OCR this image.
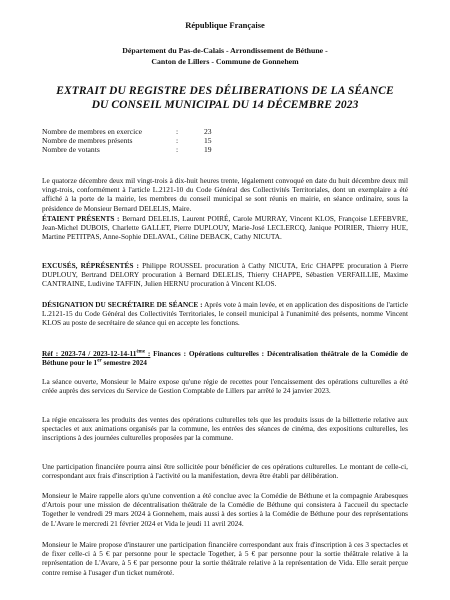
République Française
Département du Pas-de-Calais - Arrondissement de Béthune -
Canton de Lillers - Commune de Gonnehem
EXTRAIT DU REGISTRE DES DÉLIBERATIONS DE LA SÉANCE
DU CONSEIL MUNICIPAL DU 14 DÉCEMBRE 2023
Nombre de membres en exercice	:	23
Nombre de membres présents	:	15
Nombre de votants	:	19
Le quatorze décembre deux mil vingt-trois à dix-huit heures trente, légalement convoqué en date du huit décembre deux mil vingt-trois, conformément à l'article L.2121-10 du Code Général des Collectivités Territoriales, dont un exemplaire a été affiché à la porte de la mairie, les membres du conseil municipal se sont réunis en mairie, en séance ordinaire, sous la présidence de Monsieur Bernard DELELIS, Maire.
ÉTAIENT PRÉSENTS : Bernard DELELIS, Laurent POIRÉ, Carole MURRAY, Vincent KLOS, Françoise LEFEBVRE, Jean-Michel DUBOIS, Charlette GALLET, Pierre DUPLOUY, Marie-José LECLERCQ, Janique POIRIER, Thierry HUE, Martine PETITPAS, Anne-Sophie DELAVAL, Céline DEBACK, Cathy NICUTA.
EXCUSÉS, RÉPRÉSENTÉS : Philippe ROUSSEL procuration à Cathy NICUTA, Eric CHAPPE procuration à Pierre DUPLOUY, Bertrand DELORY procuration à Bernard DELELIS, Thierry CHAPPE, Sébastien VERFAILLIE, Maxime CANTRAINE, Ludivine TAFFIN, Julien HERNU procuration à Vincent KLOS.
DÉSIGNATION DU SECRÉTAIRE DE SÉANCE : Après vote à main levée, et en application des dispositions de l'article L.2121-15 du Code Général des Collectivités Territoriales, le conseil municipal à l'unanimité des présents, nomme Vincent KLOS au poste de secrétaire de séance qui en accepte les fonctions.
Réf : 2023-74 / 2023-12-14-11ème : Finances : Opérations culturelles : Décentralisation théâtrale de la Comédie de Béthune pour le 1er semestre 2024
La séance ouverte, Monsieur le Maire expose qu'une régie de recettes pour l'encaissement des opérations culturelles a été créée auprès des services du Service de Gestion Comptable de Lillers par arrêté le 24 janvier 2023.
La régie encaissera les produits des ventes des opérations culturelles tels que les produits issus de la billetterie relative aux spectacles et aux animations organisés par la commune, les entrées des séances de cinéma, des expositions culturelles, les inscriptions à des journées culturelles proposées par la commune.
Une participation financière pourra ainsi être sollicitée pour bénéficier de ces opérations culturelles. Le montant de celle-ci, correspondant aux frais d'inscription à l'activité ou la manifestation, devra être établi par délibération.
Monsieur le Maire rappelle alors qu'une convention a été conclue avec la Comédie de Béthune et la compagnie Arabesques d'Artois pour une mission de décentralisation théâtrale de la Comédie de Béthune qui consistera à l'accueil du spectacle Together le vendredi 29 mars 2024 à Gonnehem, mais aussi à des sorties à la Comédie de Béthune pour des représentations de L'Avare le mercredi 21 février 2024 et Vida le jeudi 11 avril 2024.
Monsieur le Maire propose d'instaurer une participation financière correspondant aux frais d'inscription à ces 3 spectacles et de fixer celle-ci à 5 € par personne pour le spectacle Together, à 5 € par personne pour la sortie théâtrale relative à la représentation de L'Avare, à 5 € par personne pour la sortie théâtrale relative à la représentation de Vida. Elle serait perçue contre remise à l'usager d'un ticket numéroté.
